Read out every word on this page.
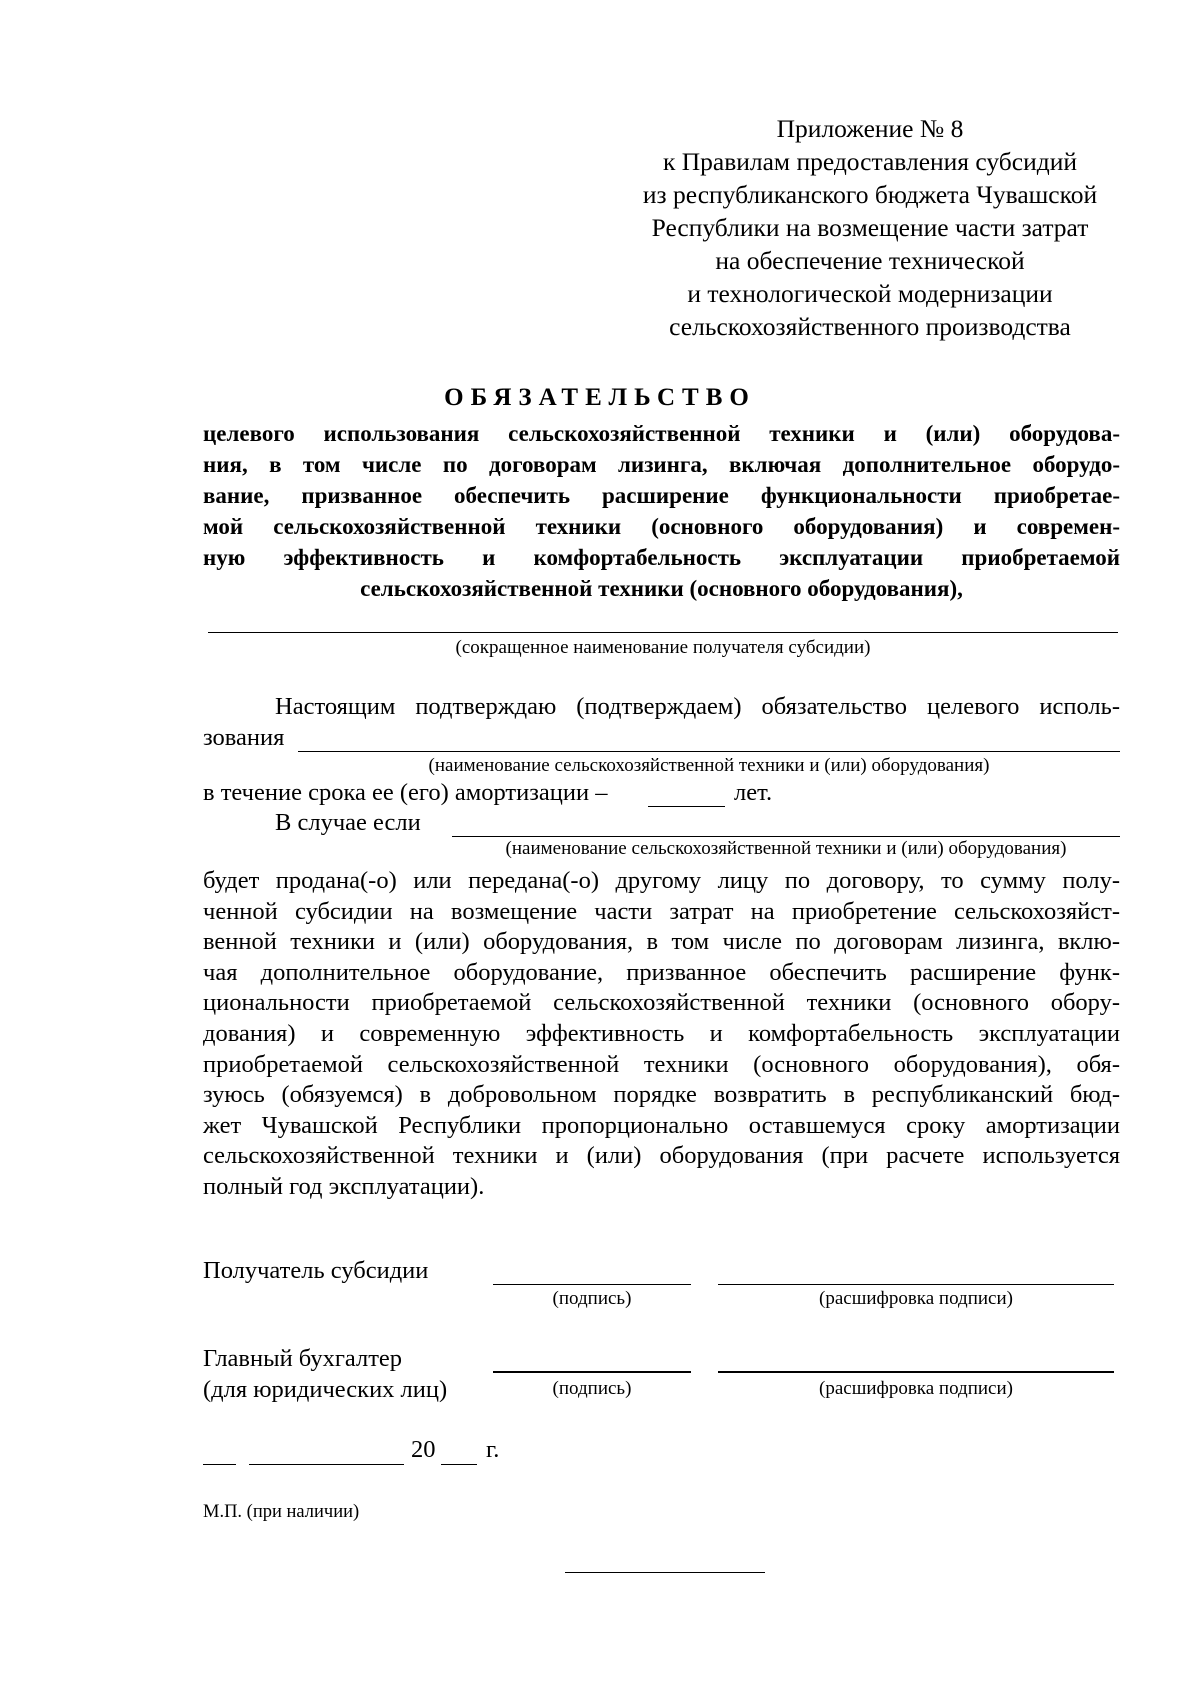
Приложение № 8
к Правилам предоставления субсидий
из республиканского бюджета Чувашской
Республики на возмещение части затрат
на обеспечение технической
и технологической модернизации
сельскохозяйственного производства
ОБЯЗАТЕЛЬСТВО
целевого использования сельскохозяйственной техники и (или) оборудова-
ния, в том числе по договорам лизинга, включая дополнительное оборудо-
вание, призванное обеспечить расширение функциональности приобретае-
мой сельскохозяйственной техники (основного оборудования) и современ-
ную эффективность и комфортабельность эксплуатации приобретаемой
сельскохозяйственной техники (основного оборудования),
(сокращенное наименование получателя субсидии)
Настоящим подтверждаю (подтверждаем) обязательство целевого исполь-
зования
(наименование сельскохозяйственной техники и (или) оборудования)
в течение срока ее (его) амортизации –	лет.
В случае если
(наименование сельскохозяйственной техники и (или) оборудования)
будет продана(-о) или передана(-о) другому лицу по договору, то сумму полу-
ченной субсидии на возмещение части затрат на приобретение сельскохозяйст-
венной техники и (или) оборудования, в том числе по договорам лизинга, вклю-
чая дополнительное оборудование, призванное обеспечить расширение функ-
циональности приобретаемой сельскохозяйственной техники (основного обору-
дования) и современную эффективность и комфортабельность эксплуатации
приобретаемой сельскохозяйственной техники (основного оборудования), обя-
зуюсь (обязуемся) в добровольном порядке возвратить в республиканский бюд-
жет Чувашской Республики пропорционально оставшемуся сроку амортизации
сельскохозяйственной техники и (или) оборудования (при расчете используется
полный год эксплуатации).
Получатель субсидии
(подпись)	(расшифровка подписи)
Главный бухгалтер
(для юридических лиц)	(подпись)	(расшифровка подписи)
20 г.
М.П. (при наличии)
